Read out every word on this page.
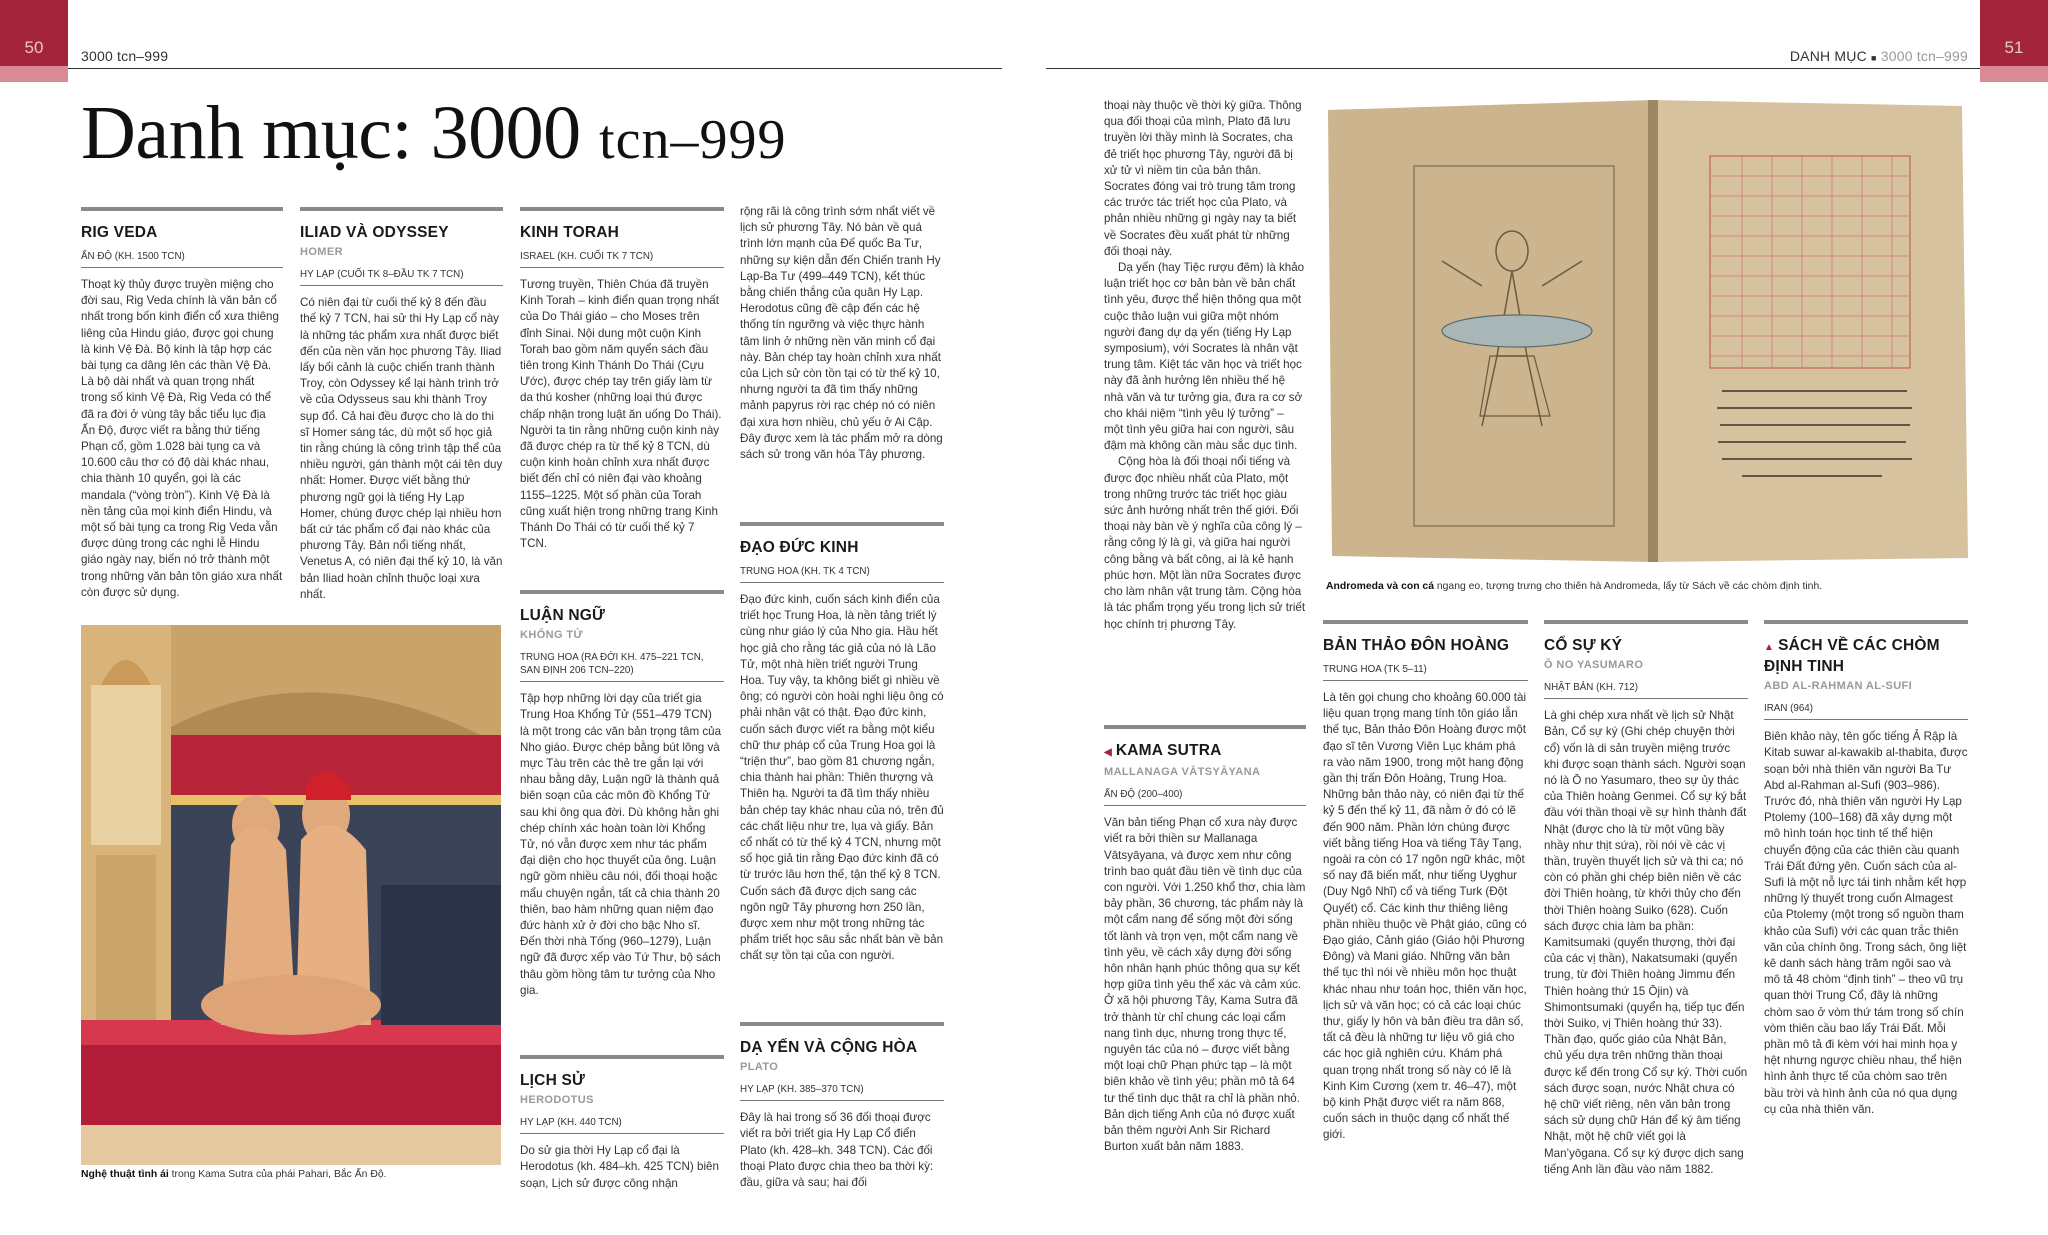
50	51
3000 tcn–999	DANH MỤC ■ 3000 tcn–999
Danh mục: 3000 tcn–999
RIG VEDA
ẤN ĐỘ (KH. 1500 TCN)

Thoạt kỳ thủy được truyền miệng cho đời sau, Rig Veda chính là văn bản cổ nhất trong bốn kinh điển cổ xưa thiêng liêng của Hindu giáo, được gọi chung là kinh Vệ Đà. Bộ kinh là tập hợp các bài tụng ca dâng lên các thần Vệ Đà. Là bộ dài nhất và quan trọng nhất trong số kinh Vệ Đà, Rig Veda có thể đã ra đời ở vùng tây bắc tiểu lục địa Ấn Độ, được viết ra bằng thứ tiếng Phạn cổ, gồm 1.028 bài tụng ca và 10.600 câu thơ có độ dài khác nhau, chia thành 10 quyển, gọi là các mandala (“vòng tròn”). Kinh Vệ Đà là nền tảng của mọi kinh điển Hindu, và một số bài tụng ca trong Rig Veda vẫn được dùng trong các nghi lễ Hindu giáo ngày nay, biến nó trở thành một trong những văn bản tôn giáo xưa nhất còn được sử dụng.

ILIAD VÀ ODYSSEY
HOMER
HY LẠP (CUỐI TK 8–ĐẦU TK 7 TCN)

Có niên đại từ cuối thế kỷ 8 đến đầu thế kỷ 7 TCN, hai sử thi Hy Lạp cổ này là những tác phẩm xưa nhất được biết đến của nền văn học phương Tây. Iliad lấy bối cảnh là cuộc chiến tranh thành Troy, còn Odyssey kể lại hành trình trở về của Odysseus sau khi thành Troy sụp đổ. Cả hai đều được cho là do thi sĩ Homer sáng tác, dù một số học giả tin rằng chúng là công trình tập thể của nhiều người, gán thành một cái tên duy nhất: Homer. Được viết bằng thứ phương ngữ gọi là tiếng Hy Lạp Homer, chúng được chép lại nhiều hơn bất cứ tác phẩm cổ đại nào khác của phương Tây. Bản nổi tiếng nhất, Venetus A, có niên đại thế kỷ 10, là văn bản Iliad hoàn chỉnh thuộc loại xưa nhất.

KINH TORAH
ISRAEL (KH. CUỐI TK 7 TCN)

Tương truyền, Thiên Chúa đã truyền Kinh Torah – kinh điển quan trọng nhất của Do Thái giáo – cho Moses trên đỉnh Sinai. Nội dung một cuộn Kinh Torah bao gồm năm quyển sách đầu tiên trong Kinh Thánh Do Thái (Cựu Ước), được chép tay trên giấy làm từ da thú kosher (những loại thú được chấp nhận trong luật ăn uống Do Thái). Người ta tin rằng những cuộn kinh này đã được chép ra từ thế kỷ 8 TCN, dù cuộn kinh hoàn chỉnh xưa nhất được biết đến chỉ có niên đại vào khoảng 1155–1225. Một số phần của Torah cũng xuất hiện trong những trang Kinh Thánh Do Thái có từ cuối thế kỷ 7 TCN.

LUẬN NGỮ
KHỔNG TỬ
TRUNG HOA (RA ĐỜI KH. 475–221 TCN, SAN ĐỊNH 206 TCN–220)

Tập hợp những lời dạy của triết gia Trung Hoa Khổng Tử (551–479 TCN) là một trong các văn bản trọng tâm của Nho giáo. Được chép bằng bút lông và mực Tàu trên các thẻ tre gắn lại với nhau bằng dây, Luận ngữ là thành quả biên soạn của các môn đồ Khổng Tử sau khi ông qua đời. Dù không hằn ghi chép chính xác hoàn toàn lời Khổng Tử, nó vẫn được xem như tác phẩm đại diện cho học thuyết của ông. Luận ngữ gồm nhiều câu nói, đối thoại hoặc mẩu chuyện ngắn, tất cả chia thành 20 thiên, bao hàm những quan niệm đạo đức hành xử ở đời cho bậc Nho sĩ. Đến thời nhà Tống (960–1279), Luận ngữ đã được xếp vào Tứ Thư, bộ sách thâu gồm hồng tâm tư tưởng của Nho gia.

LỊCH SỬ
HERODOTUS
HY LẠP (KH. 440 TCN)

Do sử gia thời Hy Lạp cổ đại là Herodotus (kh. 484–kh. 425 TCN) biên soạn, Lịch sử được công nhận

rộng rãi là công trình sớm nhất viết về lịch sử phương Tây. Nó bàn về quá trình lớn mạnh của Đế quốc Ba Tư, những sự kiện dẫn đến Chiến tranh Hy Lạp-Ba Tư (499–449 TCN), kết thúc bằng chiến thắng của quân Hy Lạp. Herodotus cũng đề cập đến các hệ thống tín ngưỡng và việc thực hành tâm linh ở những nền văn minh cổ đại này. Bản chép tay hoàn chỉnh xưa nhất của Lịch sử còn tồn tại có từ thế kỷ 10, nhưng người ta đã tìm thấy những mảnh papyrus rời rạc chép nó có niên đại xưa hơn nhiều, chủ yếu ở Ai Cập. Đây được xem là tác phẩm mở ra dòng sách sử trong văn hóa Tây phương.

ĐẠO ĐỨC KINH
TRUNG HOA (KH. TK 4 TCN)

Đạo đức kinh, cuốn sách kinh điển của triết học Trung Hoa, là nền tảng triết lý cùng như giáo lý của Nho gia. Hầu hết học giả cho rằng tác giả của nó là Lão Tử, một nhà hiền triết người Trung Hoa. Tuy vậy, ta không biết gì nhiều về ông; có người còn hoài nghi liệu ông có phải nhân vật có thật. Đạo đức kinh, cuốn sách được viết ra bằng một kiểu chữ thư pháp cổ của Trung Hoa gọi là “triện thư”, bao gồm 81 chương ngắn, chia thành hai phần: Thiên thượng và Thiên hạ. Người ta đã tìm thấy nhiều bản chép tay khác nhau của nó, trên đủ các chất liệu như tre, lụa và giấy. Bản cổ nhất có từ thế kỷ 4 TCN, nhưng một số học giả tin rằng Đạo đức kinh đã có từ trước lâu hơn thế, tận thế kỷ 8 TCN. Cuốn sách đã được dịch sang các ngôn ngữ Tây phương hơn 250 lần, được xem như một trong những tác phẩm triết học sâu sắc nhất bàn về bản chất sự tồn tại của con người.

DẠ YẾN VÀ CỘNG HÒA
PLATO
HY LẠP (KH. 385–370 TCN)

Đây là hai trong số 36 đối thoại được viết ra bởi triết gia Hy Lạp Cổ điển Plato (kh. 428–kh. 348 TCN). Các đối thoại Plato được chia theo ba thời kỳ: đầu, giữa và sau; hai đối

Nghệ thuật tình ái trong Kama Sutra của phái Pahari, Bắc Ấn Độ.

thoại này thuộc về thời kỳ giữa. Thông qua đối thoại của mình, Plato đã lưu truyền lời thầy mình là Socrates, cha đẻ triết học phương Tây, người đã bị xử tử vì niềm tin của bản thân. Socrates đóng vai trò trung tâm trong các trước tác triết học của Plato, và phản nhiều những gì ngày nay ta biết về Socrates đều xuất phát từ những đối thoại này.

Dạ yến (hay Tiệc rượu đêm) là khảo luận triết học cơ bản bàn về bản chất tình yêu, được thể hiện thông qua một cuộc thảo luận vui giữa một nhóm người đang dự dạ yến (tiếng Hy Lạp symposium), với Socrates là nhân vật trung tâm. Kiệt tác văn học và triết học này đã ảnh hưởng lên nhiều thế hệ nhà văn và tư tưởng gia, đưa ra cơ sở cho khái niệm “tình yêu lý tưởng” – một tình yêu giữa hai con người, sâu đậm mà không cần màu sắc dục tình.

Cộng hòa là đối thoại nổi tiếng và được đọc nhiều nhất của Plato, một trong những trước tác triết học giàu sức ảnh hưởng nhất trên thế giới. Đối thoại này bàn về ý nghĩa của công lý – rằng công lý là gì, và giữa hai người công bằng và bất công, ai là kẻ hạnh phúc hơn. Một lần nữa Socrates được cho làm nhân vật trung tâm. Cộng hòa là tác phẩm trọng yếu trong lịch sử triết học chính trị phương Tây.

◀ KAMA SUTRA
MALLANAGA VĀTSYĀYANA
ẤN ĐỘ (200–400)

Văn bản tiếng Phạn cổ xưa này được viết ra bởi thiền sư Mallanaga Vātsyāyana, và được xem như công trình bao quát đầu tiên về tình dục của con người. Với 1.250 khổ thơ, chia làm bảy phần, 36 chương, tác phẩm này là một cẩm nang để sống một đời sống tốt lành và trọn vẹn, một cẩm nang về tình yêu, về cách xây dựng đời sống hôn nhân hạnh phúc thông qua sự kết hợp giữa tình yêu thể xác và cảm xúc. Ở xã hội phương Tây, Kama Sutra đã trở thành từ chỉ chung các loại cẩm nang tình dục, nhưng trong thực tế, nguyên tác của nó – được viết bằng một loại chữ Phạn phức tạp – là một biên khảo về tình yêu; phần mô tả 64 tư thế tình dục thật ra chỉ là phần nhỏ. Bản dịch tiếng Anh của nó được xuất bản thêm người Anh Sir Richard Burton xuất bản năm 1883.

Andromeda và con cá ngang eo, tượng trưng cho thiên hà Andromeda, lấy từ Sách về các chòm định tinh.
BẢN THẢO ĐÔN HOÀNG
TRUNG HOA (TK 5–11)

Là tên gọi chung cho khoảng 60.000 tài liệu quan trọng mang tính tôn giáo lẫn thế tục, Bản thảo Đôn Hoàng được một đạo sĩ tên Vương Viên Lục khám phá ra vào năm 1900, trong một hang động gần thị trấn Đôn Hoàng, Trung Hoa. Những bản thảo này, có niên đại từ thế kỷ 5 đến thế kỷ 11, đã nằm ở đó có lẽ đến 900 năm. Phần lớn chúng được viết bằng tiếng Hoa và tiếng Tây Tạng, ngoài ra còn có 17 ngôn ngữ khác, một số nay đã biến mất, như tiếng Uyghur (Duy Ngô Nhĩ) cổ và tiếng Turk (Đột Quyết) cổ. Các kinh thư thiêng liêng phần nhiều thuộc về Phật giáo, cũng có Đạo giáo, Cảnh giáo (Giáo hội Phương Đông) và Mani giáo. Những văn bản thế tục thì nói về nhiều môn học thuật khác nhau như toán học, thiên văn học, lịch sử và văn học; có cả các loại chúc thư, giấy ly hôn và bản điều tra dân số, tất cả đều là những tư liệu vô giá cho các học giả nghiên cứu. Khám phá quan trọng nhất trong số này có lẽ là Kinh Kim Cương (xem tr. 46–47), một bộ kinh Phật được viết ra năm 868, cuốn sách in thuộc dạng cổ nhất thế giới.

CỔ SỰ KÝ
Ō NO YASUMARO
NHẬT BẢN (KH. 712)

Là ghi chép xưa nhất về lịch sử Nhật Bản, Cổ sự ký (Ghi chép chuyện thời cổ) vốn là di sản truyền miệng trước khi được soạn thành sách. Người soạn nó là Ō no Yasumaro, theo sự ủy thác của Thiên hoàng Genmei. Cổ sự ký bắt đầu với thần thoại về sự hình thành đất Nhật (được cho là từ một vũng bầy nhầy như thịt sứa), rồi nói về các vị thần, truyền thuyết lịch sử và thi ca; nó còn có phần ghi chép biên niên về các đời Thiên hoàng, từ khởi thủy cho đến thời Thiên hoàng Suiko (628). Cuốn sách được chia làm ba phần: Kamitsumaki (quyển thượng, thời đại của các vị thần), Nakatsumaki (quyển trung, từ đời Thiên hoàng Jimmu đến Thiên hoàng thứ 15 Ōjin) và Shimontsumaki (quyển hạ, tiếp tục đến thời Suiko, vị Thiên hoàng thứ 33). Thần đạo, quốc giáo của Nhật Bản, chủ yếu dựa trên những thần thoại được kể đến trong Cổ sự ký. Thời cuốn sách được soạn, nước Nhật chưa có hệ chữ viết riêng, nên văn bản trong sách sử dụng chữ Hán để ký âm tiếng Nhật, một hệ chữ viết gọi là Man’yōgana. Cổ sự ký được dịch sang tiếng Anh lần đầu vào năm 1882.

▲ SÁCH VỀ CÁC CHÒM ĐỊNH TINH
ABD AL-RAHMAN AL-SUFI
IRAN (964)

Biên khảo này, tên gốc tiếng Ả Rập là Kitab suwar al-kawakib al-thabita, được soạn bởi nhà thiên văn người Ba Tư Abd al-Rahman al-Sufi (903–986). Trước đó, nhà thiên văn người Hy Lạp Ptolemy (100–168) đã xây dựng một mô hình toán học tinh tế thể hiện chuyển động của các thiên cầu quanh Trái Đất đứng yên. Cuốn sách của al-Sufi là một nỗ lực tái tinh nhằm kết hợp những lý thuyết trong cuốn Almagest của Ptolemy (một trong số nguồn tham khảo của Sufi) với các quan trắc thiên văn của chính ông. Trong sách, ông liệt kê danh sách hàng trăm ngôi sao và mô tả 48 chòm “định tinh” – theo vũ trụ quan thời Trung Cổ, đây là những chòm sao ở vòm thứ tám trong số chín vòm thiên cầu bao lấy Trái Đất. Mỗi phần mô tả đi kèm với hai minh họa y hệt nhưng ngược chiều nhau, thể hiện hình ảnh thực tế của chòm sao trên bầu trời và hình ảnh của nó qua dụng cụ của nhà thiên văn.
